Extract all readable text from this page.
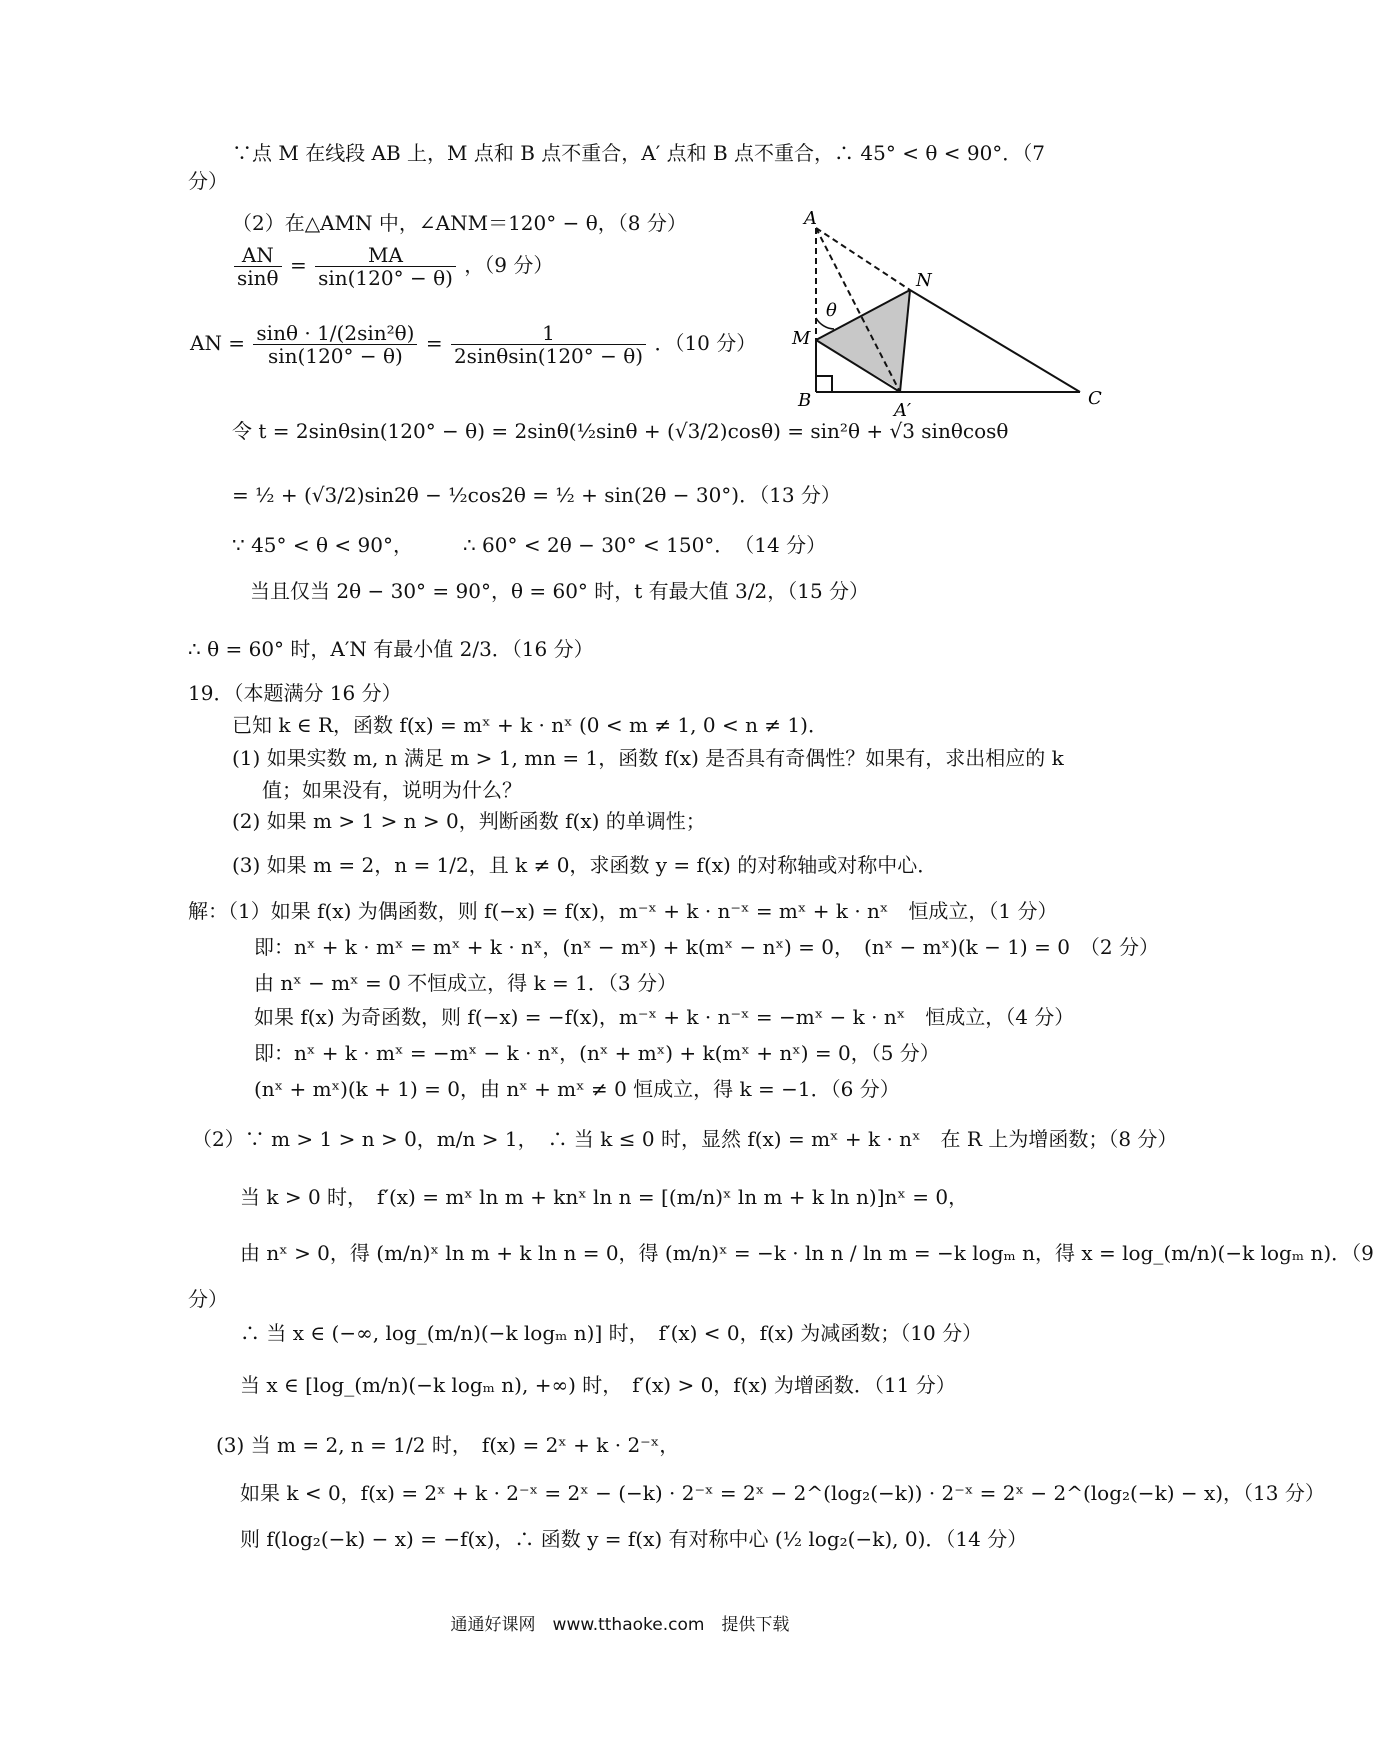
∵点 M 在线段 AB 上，M 点和 B 点不重合，A′ 点和 B 点不重合，∴ 45° < θ < 90°．（7
分）
（2）在△AMN 中，∠ANM＝120° − θ，（8 分）
$\frac{AN}{\sin\theta} = \frac{MA}{\sin(120^\circ - \theta)}$ ，（9 分）
AN = $\frac{\text{sinθ · 1/(2sin²θ)}}{\sin(120^\circ - \theta)} = \frac{1}{2\sin\theta\sin(120^\circ - \theta)}$ ．（10 分）
令 t = 2sinθsin(120° − θ) = 2sinθ(½sinθ + (√3/2)cosθ) = sin²θ + √3 sinθcosθ
= ½ + (√3/2)sin2θ − ½cos2θ = ½ + sin(2θ − 30°)．（13 分）
∵ 45° < θ < 90°，　　　∴ 60° < 2θ − 30° < 150°．　（14 分）
当且仅当 2θ − 30° = 90°，θ = 60° 时，t 有最大值 3/2，（15 分）
∴ θ = 60° 时，A′N 有最小值 2/3．（16 分）
19．（本题满分 16 分）
已知 k ∈ R，函数 f(x) = mˣ + k · nˣ (0 < m ≠ 1, 0 < n ≠ 1)．
(1) 如果实数 m, n 满足 m > 1, mn = 1，函数 f(x) 是否具有奇偶性？如果有，求出相应的 k
值；如果没有，说明为什么？
(2) 如果 m > 1 > n > 0，判断函数 f(x) 的单调性；
(3) 如果 m = 2，n = 1/2，且 k ≠ 0，求函数 y = f(x) 的对称轴或对称中心．
解：（1）如果 f(x) 为偶函数，则 f(−x) = f(x)，m⁻ˣ + k · n⁻ˣ = mˣ + k · nˣ　恒成立，（1 分）
即：nˣ + k · mˣ = mˣ + k · nˣ，(nˣ − mˣ) + k(mˣ − nˣ) = 0，　(nˣ − mˣ)(k − 1) = 0　（2 分）
由 nˣ − mˣ = 0 不恒成立，得 k = 1．（3 分）
如果 f(x) 为奇函数，则 f(−x) = −f(x)，m⁻ˣ + k · n⁻ˣ = −mˣ − k · nˣ　恒成立，（4 分）
即：nˣ + k · mˣ = −mˣ − k · nˣ，(nˣ + mˣ) + k(mˣ + nˣ) = 0，（5 分）
(nˣ + mˣ)(k + 1) = 0，由 nˣ + mˣ ≠ 0 恒成立，得 k = −1．（6 分）
（2）∵ m > 1 > n > 0，m/n > 1，　∴ 当 k ≤ 0 时，显然 f(x) = mˣ + k · nˣ　在 R 上为增函数；（8 分）
当 k > 0 时，　f′(x) = mˣ ln m + knˣ ln n = [(m/n)ˣ ln m + k ln n)]nˣ = 0，
由 nˣ > 0，得 (m/n)ˣ ln m + k ln n = 0，得 (m/n)ˣ = −k · ln n / ln m = −k logₘ n，得 x = log_(m/n)(−k logₘ n)．（9
分）
∴ 当 x ∈ (−∞, log_(m/n)(−k logₘ n)] 时，　f′(x) < 0，f(x) 为减函数；（10 分）
当 x ∈ [log_(m/n)(−k logₘ n), +∞) 时，　f′(x) > 0，f(x) 为增函数．（11 分）
(3) 当 m = 2, n = 1/2 时，　f(x) = 2ˣ + k · 2⁻ˣ，
如果 k < 0，f(x) = 2ˣ + k · 2⁻ˣ = 2ˣ − (−k) · 2⁻ˣ = 2ˣ − 2^(log₂(−k)) · 2⁻ˣ = 2ˣ − 2^(log₂(−k) − x)，（13 分）
则 f(log₂(−k) − x) = −f(x)，∴ 函数 y = f(x) 有对称中心 (½ log₂(−k), 0)．（14 分）
A
N
M
B	C
A′
θ
通通好课网　www.tthaoke.com　提供下载
